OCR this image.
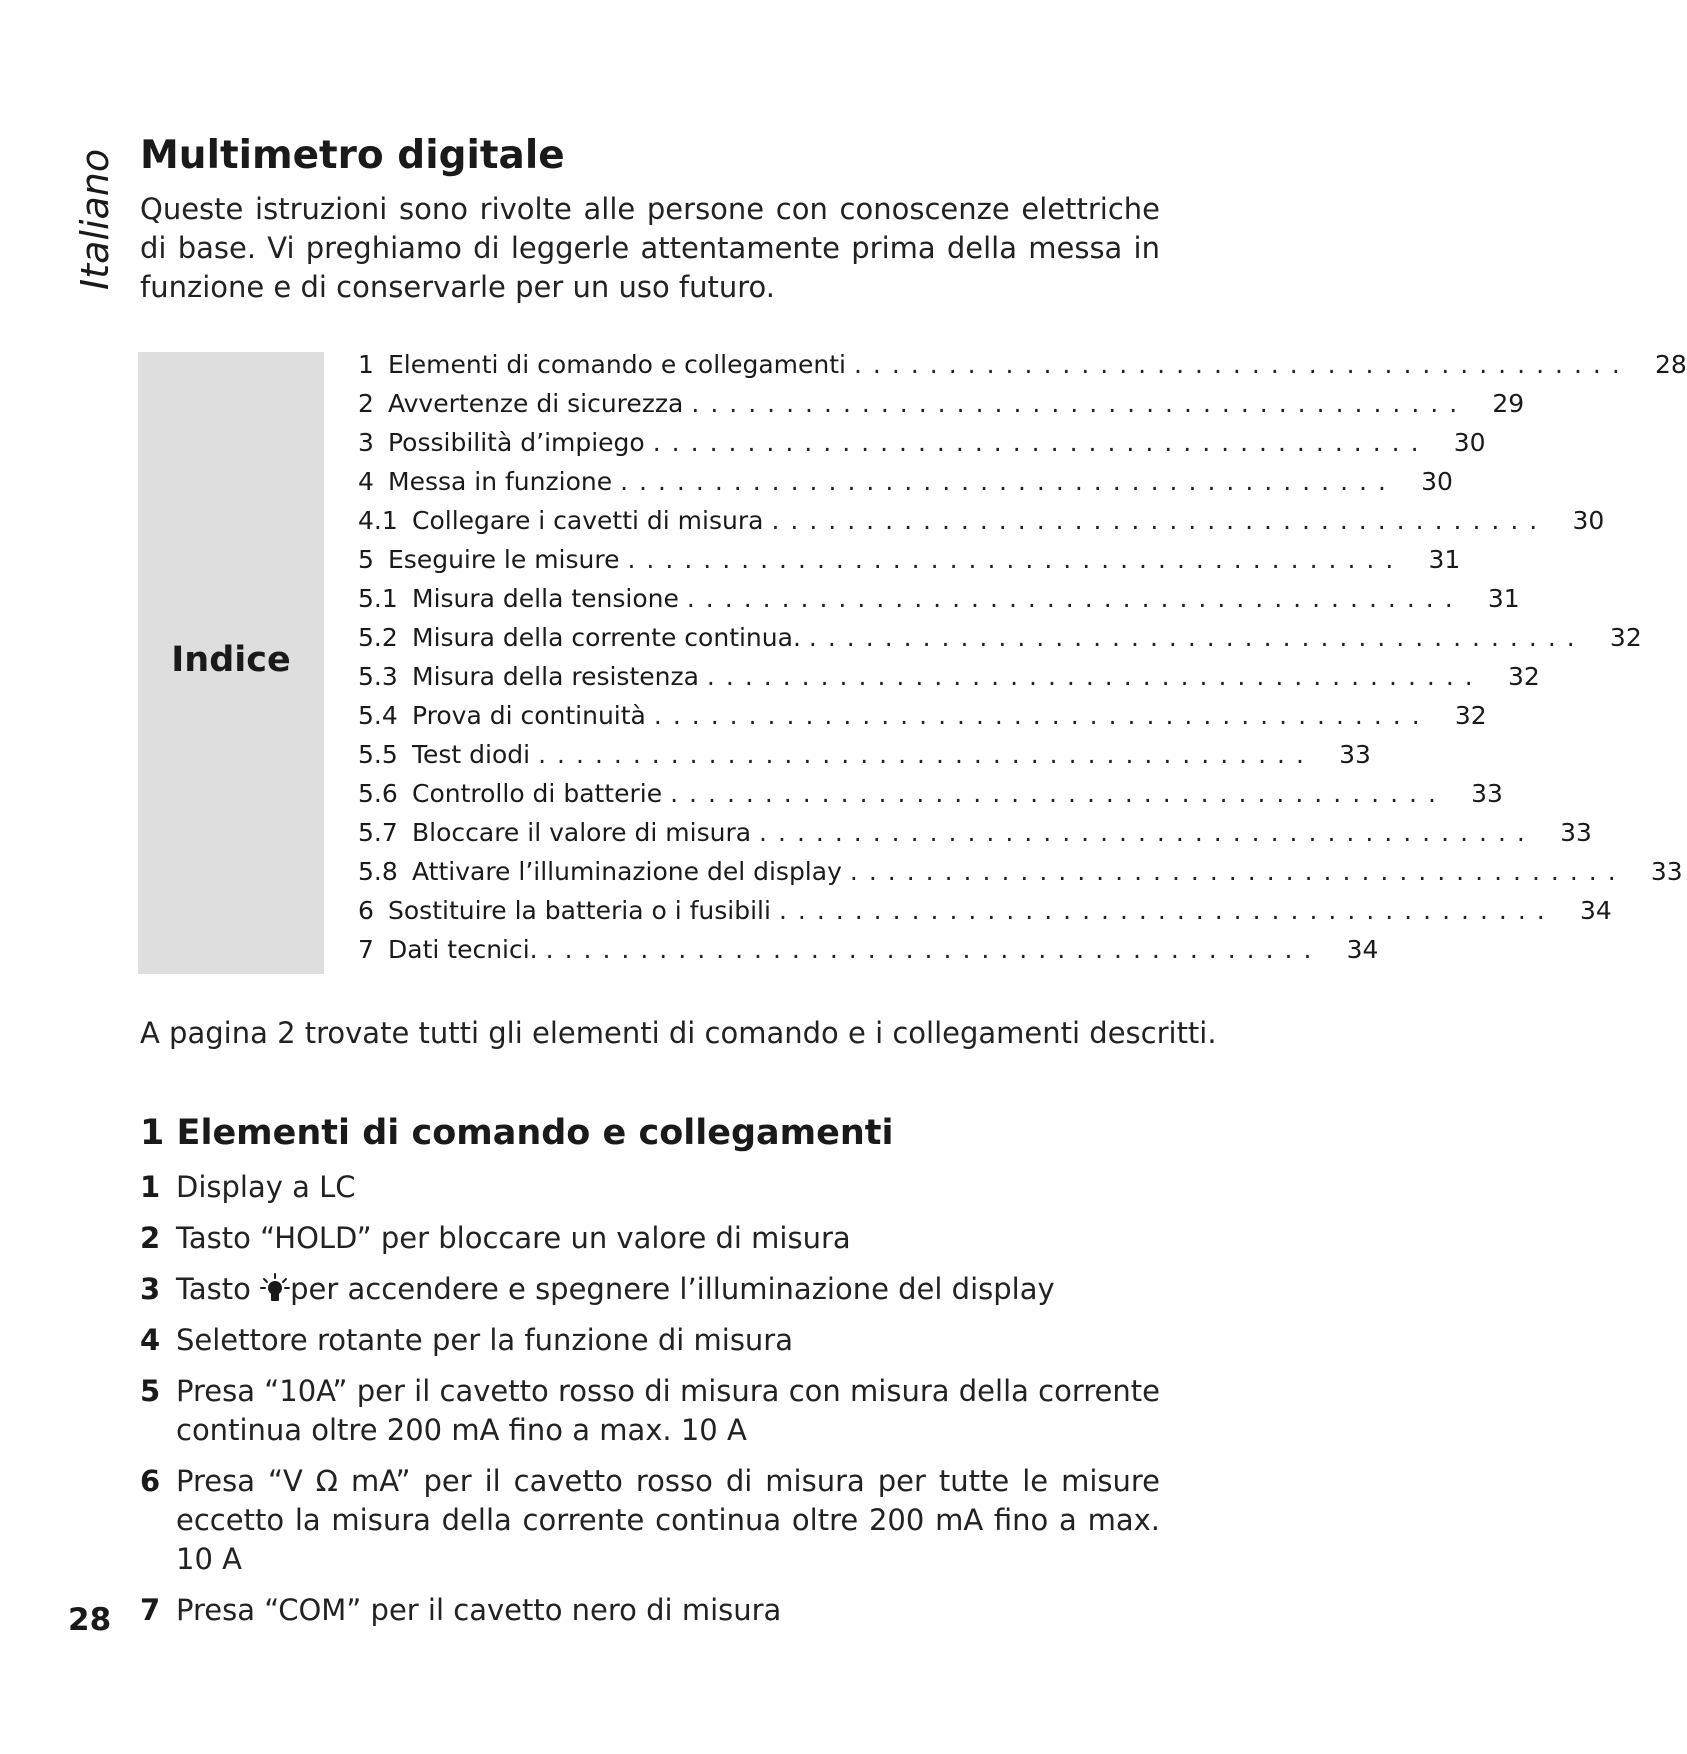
Italiano Multimetro digitale

Queste istruzioni sono rivolte alle persone con conoscenze elettriche di base. Vi preghiamo di leggerle attentamente prima della messa in funzione e di conservarle per un uso futuro.

Indice
1 Elementi di comando e collegamenti ......................................... 28
2 Avvertenze di sicurezza ......................................... 29
3 Possibilità d’impiego ......................................... 30
4 Messa in funzione ......................................... 30
4.1 Collegare i cavetti di misura ......................................... 30
5 Eseguire le misure ......................................... 31
5.1 Misura della tensione ......................................... 31
5.2 Misura della corrente continua. ......................................... 32
5.3 Misura della resistenza ......................................... 32
5.4 Prova di continuità ......................................... 32
5.5 Test diodi ......................................... 33
5.6 Controllo di batterie ......................................... 33
5.7 Bloccare il valore di misura ......................................... 33
5.8 Attivare l’illuminazione del display ......................................... 33
6 Sostituire la batteria o i fusibili ......................................... 34
7 Dati tecnici. ......................................... 34

A pagina 2 trovate tutti gli elementi di comando e i collegamenti descritti.

1 Elementi di comando e collegamenti
1 Display a LC
2 Tasto “HOLD” per bloccare un valore di misura
3 Tasto per accendere e spegnere l’illuminazione del display
4 Selettore rotante per la funzione di misura
5 Presa “10A” per il cavetto rosso di misura con misura della corrente continua oltre 200 mA fino a max. 10 A
6 Presa “V Ω mA” per il cavetto rosso di misura per tutte le misure eccetto la misura della corrente continua oltre 200 mA fino a max. 10 A
7 Presa “COM” per il cavetto nero di misura

28
